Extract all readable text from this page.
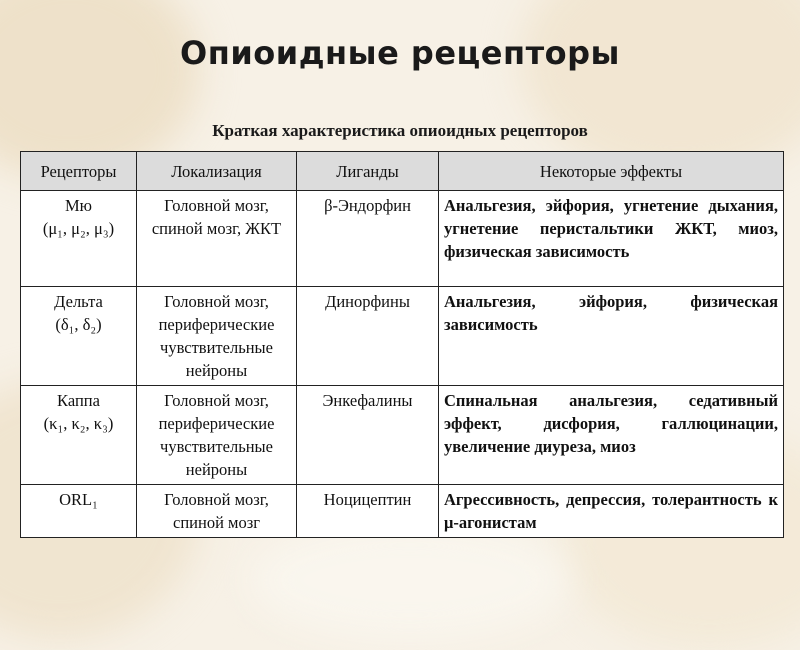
Опиоидные рецепторы
Краткая характеристика опиоидных рецепторов
Рецепторы	Локализация	Лиганды	Некоторые эффекты

Мю
(μ₁, μ₂, μ₃)	Головной мозг, спиной мозг, ЖКТ	β-Эндорфин	Анальгезия, эйфория, угнетение дыхания, угнетение перистальтики ЖКТ, миоз, физическая зависимость

Дельта
(δ₁, δ₂)	Головной мозг, периферические чувствительные нейроны	Динорфины	Анальгезия, эйфория, физическая зависимость

Каппа
(κ₁, κ₂, κ₃)	Головной мозг, периферические чувствительные нейроны	Энкефалины	Спинальная анальгезия, седативный эффект, дисфория, галлюцинации, увеличение диуреза, миоз

ORL₁	Головной мозг, спиной мозг	Ноцицептин	Агрессивность, депрессия, толерантность к μ-агонистам
